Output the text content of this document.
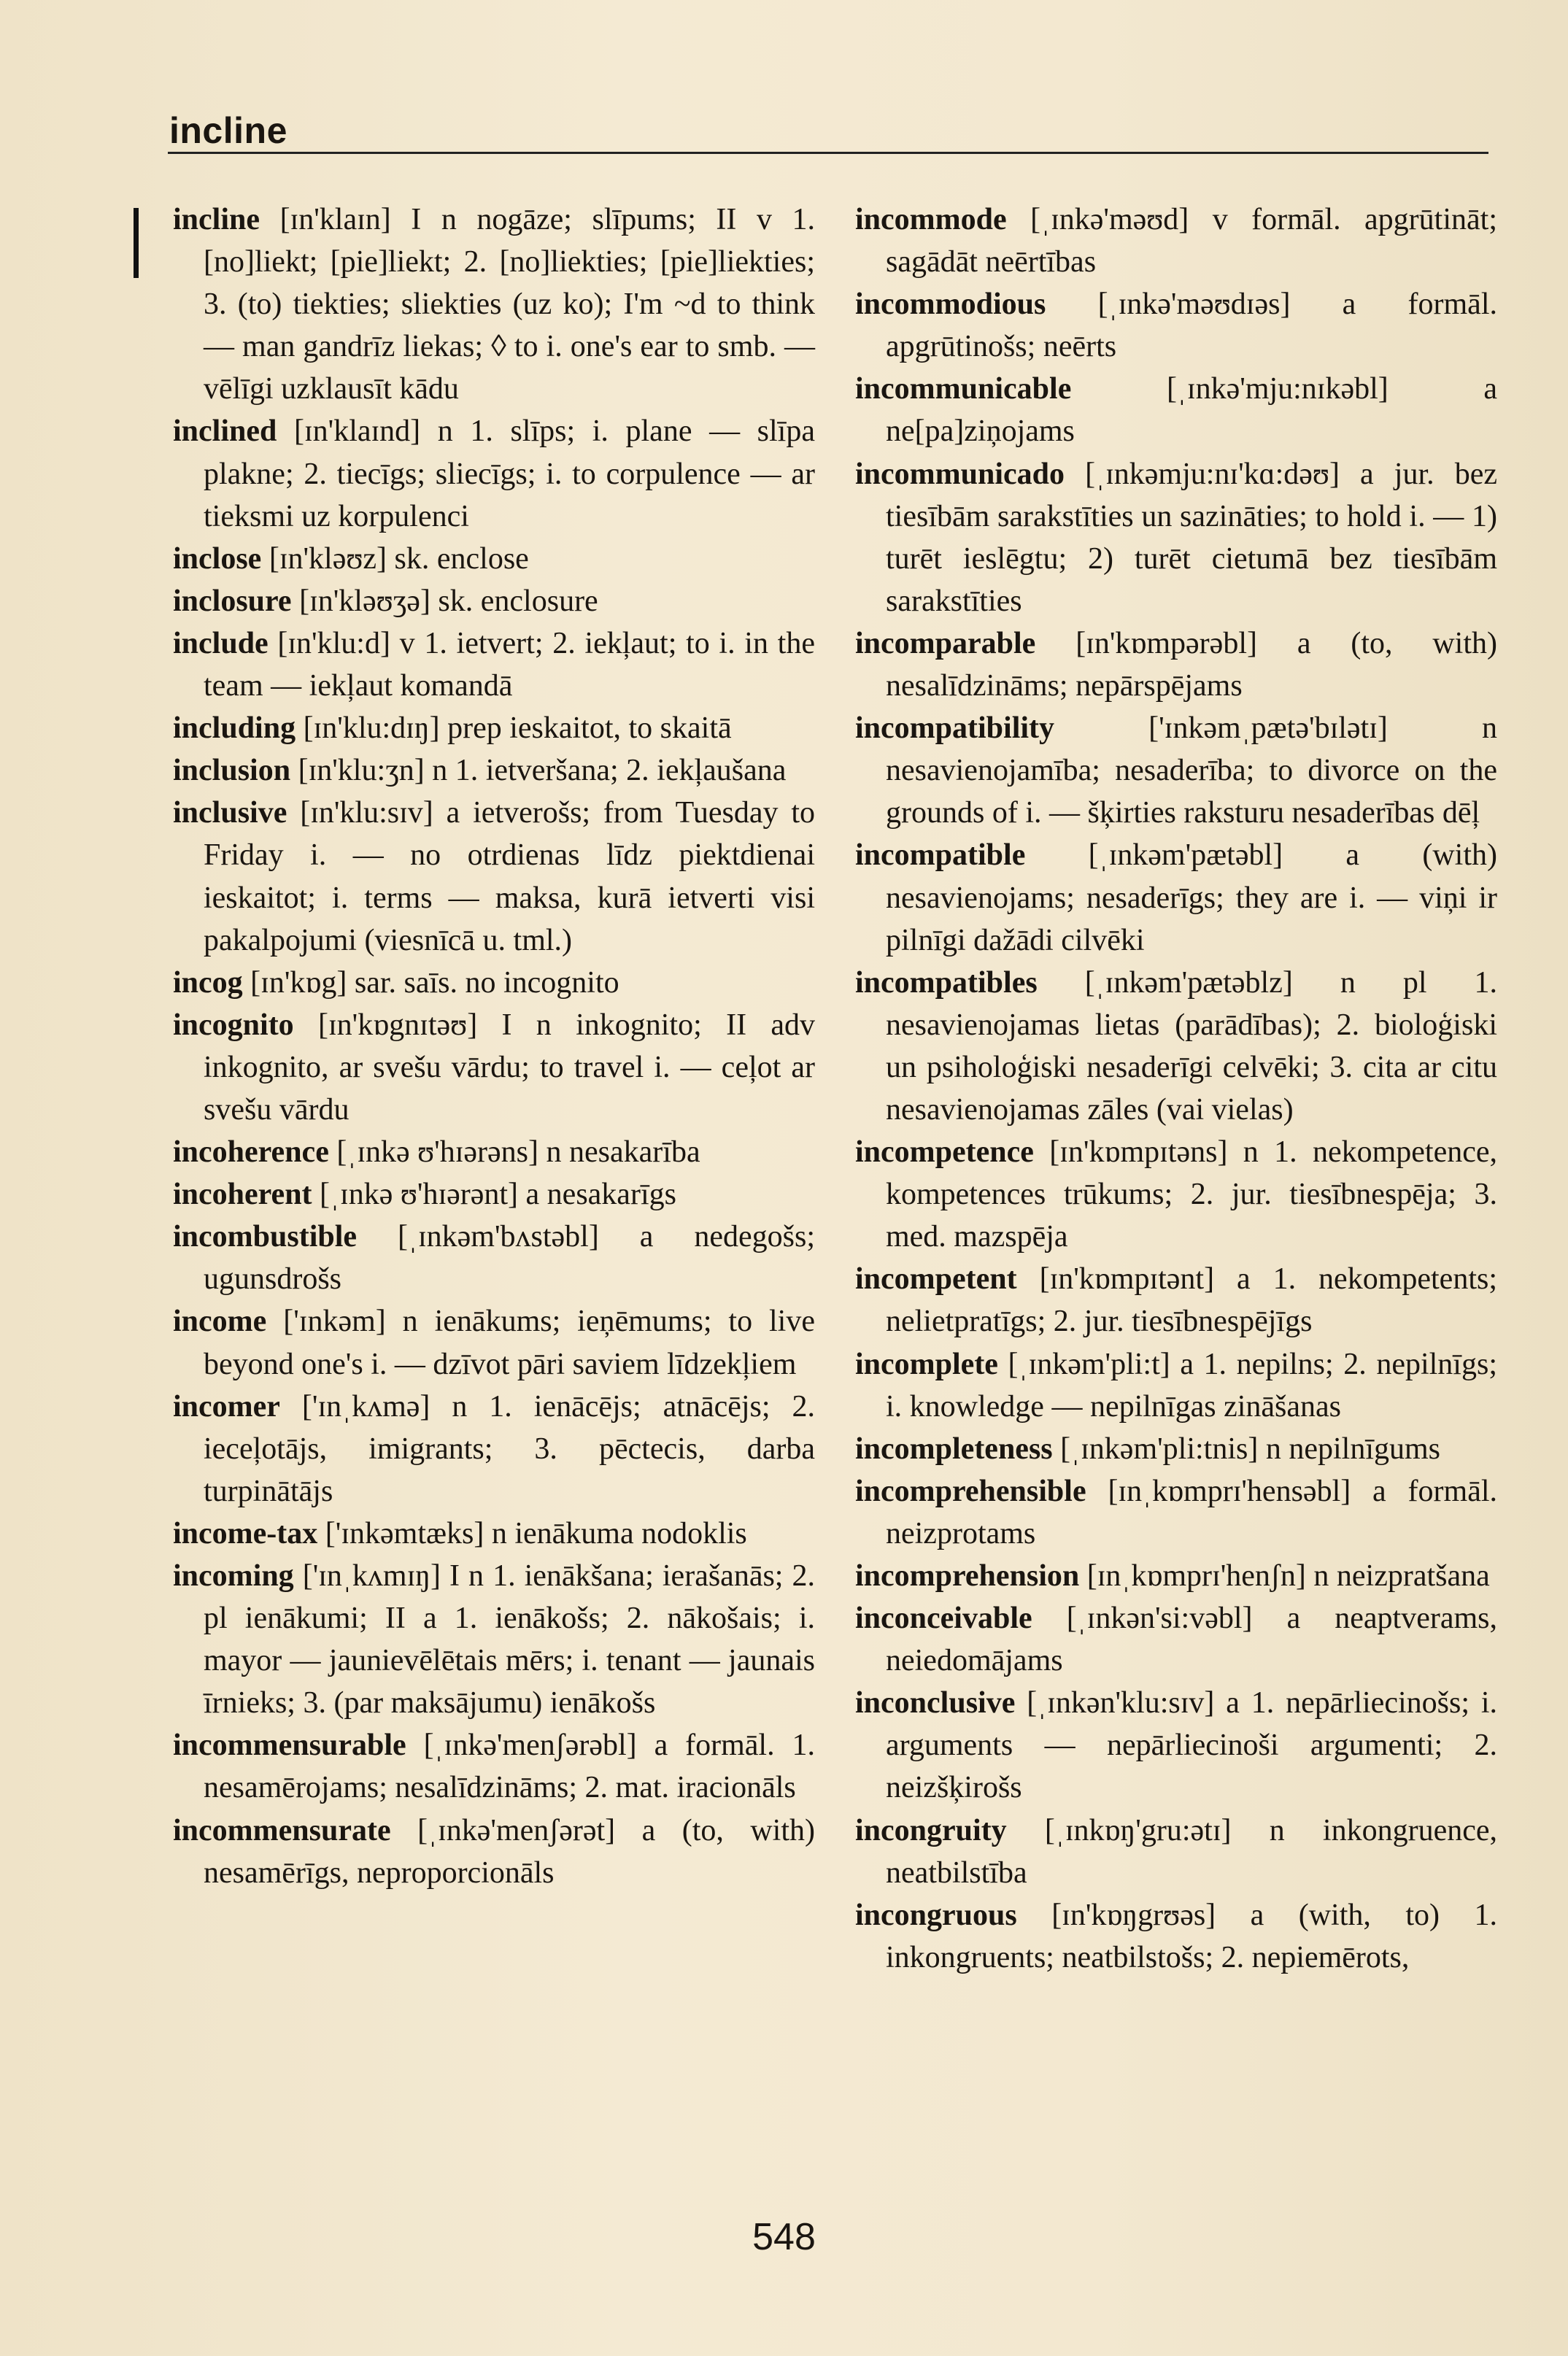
incline

incline [ɪn'klaɪn] I n nogāze; slīpums; II v 1. [no]liekt; [pie]liekt; 2. [no]liekties; [pie]liekties; 3. (to) tiekties; sliekties (uz ko); I'm ~d to think — man gandrīz liekas; ◊ to i. one's ear to smb. — vēlīgi uzklausīt kādu

inclined [ɪn'klaɪnd] n 1. slīps; i. plane — slīpa plakne; 2. tiecīgs; sliecīgs; i. to corpulence — ar tieksmi uz korpulenci

inclose [ɪn'kləʊz] sk. enclose

inclosure [ɪn'kləʊʒə] sk. enclosure

include [ɪn'klu:d] v 1. ietvert; 2. iekļaut; to i. in the team — iekļaut komandā

including [ɪn'klu:dɪŋ] prep ieskaitot, to skaitā

inclusion [ɪn'klu:ʒn] n 1. ietveršana; 2. iekļaušana

inclusive [ɪn'klu:sɪv] a ietverošs; from Tuesday to Friday i. — no otrdienas līdz piektdienai ieskaitot; i. terms — maksa, kurā ietverti visi pakalpojumi (viesnīcā u. tml.)

incog [ɪn'kɒg] sar. saīs. no incognito

incognito [ɪn'kɒgnɪtəʊ] I n inkognito; II adv inkognito, ar svešu vārdu; to travel i. — ceļot ar svešu vārdu

incoherence [ˌɪnkə ʊ'hɪərəns] n nesakarība

incoherent [ˌɪnkə ʊ'hɪərənt] a nesakarīgs

incombustible [ˌɪnkəm'bʌstəbl] a nedegošs; ugunsdrošs

income ['ɪnkəm] n ienākums; ieņēmums; to live beyond one's i. — dzīvot pāri saviem līdzekļiem

incomer ['ɪnˌkʌmə] n 1. ienācējs; atnācējs; 2. ieceļotājs, imigrants; 3. pēctecis, darba turpinātājs

income-tax ['ɪnkəmtæks] n ienākuma nodoklis

incoming ['ɪnˌkʌmɪŋ] I n 1. ienākšana; ierašanās; 2. pl ienākumi; II a 1. ienākošs; 2. nākošais; i. mayor — jaunievēlētais mērs; i. tenant — jaunais īrnieks; 3. (par maksājumu) ienākošs

incommensurable [ˌɪnkə'menʃərəbl] a formāl. 1. nesamērojams; nesalīdzināms; 2. mat. iracionāls

incommensurate [ˌɪnkə'menʃərət] a (to, with) nesamērīgs, neproporcionāls

incommode [ˌɪnkə'məʊd] v formāl. apgrūtināt; sagādāt neērtības

incommodious [ˌɪnkə'məʊdɪəs] a formāl. apgrūtinošs; neērts

incommunicable [ˌɪnkə'mju:nɪkəbl] a ne[pa]ziņojams

incommunicado [ˌɪnkəmju:nɪ'kɑ:dəʊ] a jur. bez tiesībām sarakstīties un sazināties; to hold i. — 1) turēt ieslēgtu; 2) turēt cietumā bez tiesībām sarakstīties

incomparable [ɪn'kɒmpərəbl] a (to, with) nesalīdzināms; nepārspējams

incompatibility ['ɪnkəmˌpætə'bɪlətɪ] n nesavienojamība; nesaderība; to divorce on the grounds of i. — šķirties raksturu nesaderības dēļ

incompatible [ˌɪnkəm'pætəbl] a (with) nesavienojams; nesaderīgs; they are i. — viņi ir pilnīgi dažādi cilvēki

incompatibles [ˌɪnkəm'pætəblz] n pl 1. nesavienojamas lietas (parādības); 2. bioloģiski un psiholoģiski nesaderīgi celvēki; 3. cita ar citu nesavienojamas zāles (vai vielas)

incompetence [ɪn'kɒmpɪtəns] n 1. nekompetence, kompetences trūkums; 2. jur. tiesībnespēja; 3. med. mazspēja

incompetent [ɪn'kɒmpɪtənt] a 1. nekompetents; nelietpratīgs; 2. jur. tiesībnespējīgs

incomplete [ˌɪnkəm'pli:t] a 1. nepilns; 2. nepilnīgs; i. knowledge — nepilnīgas zināšanas

incompleteness [ˌɪnkəm'pli:tnis] n nepilnīgums

incomprehensible [ɪnˌkɒmprɪ'hensəbl] a formāl. neizprotams

incomprehension [ɪnˌkɒmprɪ'henʃn] n neizpratšana

inconceivable [ˌɪnkən'si:vəbl] a neaptverams, neiedomājams

inconclusive [ˌɪnkən'klu:sɪv] a 1. nepārliecinošs; i. arguments — nepārliecinoši argumenti; 2. neizšķirošs

incongruity [ˌɪnkɒŋ'gru:ətɪ] n inkongruence, neatbilstība

incongruous [ɪn'kɒŋgrʊəs] a (with, to) 1. inkongruents; neatbilstošs; 2. nepiemērots,

548
